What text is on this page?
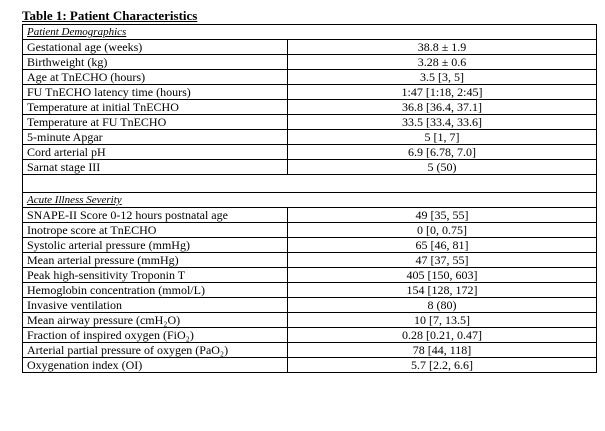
Table 1: Patient Characteristics
Patient Demographics	
Gestational age (weeks)	38.8 ± 1.9
Birthweight (kg)	3.28 ± 0.6
Age at TnECHO (hours)	3.5 [3, 5]
FU TnECHO latency time (hours)	1:47 [1:18, 2:45]
Temperature at initial TnECHO	36.8 [36.4, 37.1]
Temperature at FU TnECHO	33.5 [33.4, 33.6]
5-minute Apgar	5 [1, 7]
Cord arterial pH	6.9 [6.78, 7.0]
Sarnat stage III	5 (50)

Acute Illness Severity	
SNAPE-II Score 0-12 hours postnatal age	49 [35, 55]
Inotrope score at TnECHO	0 [0, 0.75]
Systolic arterial pressure (mmHg)	65 [46, 81]
Mean arterial pressure (mmHg)	47 [37, 55]
Peak high-sensitivity Troponin T	405 [150, 603]
Hemoglobin concentration (mmol/L)	154 [128, 172]
Invasive ventilation	8 (80)
Mean airway pressure (cmH₂O)	10 [7, 13.5]
Fraction of inspired oxygen (FiO₂)	0.28 [0.21, 0.47]
Arterial partial pressure of oxygen (PaO₂)	78 [44, 118]
Oxygenation index (OI)	5.7 [2.2, 6.6]
